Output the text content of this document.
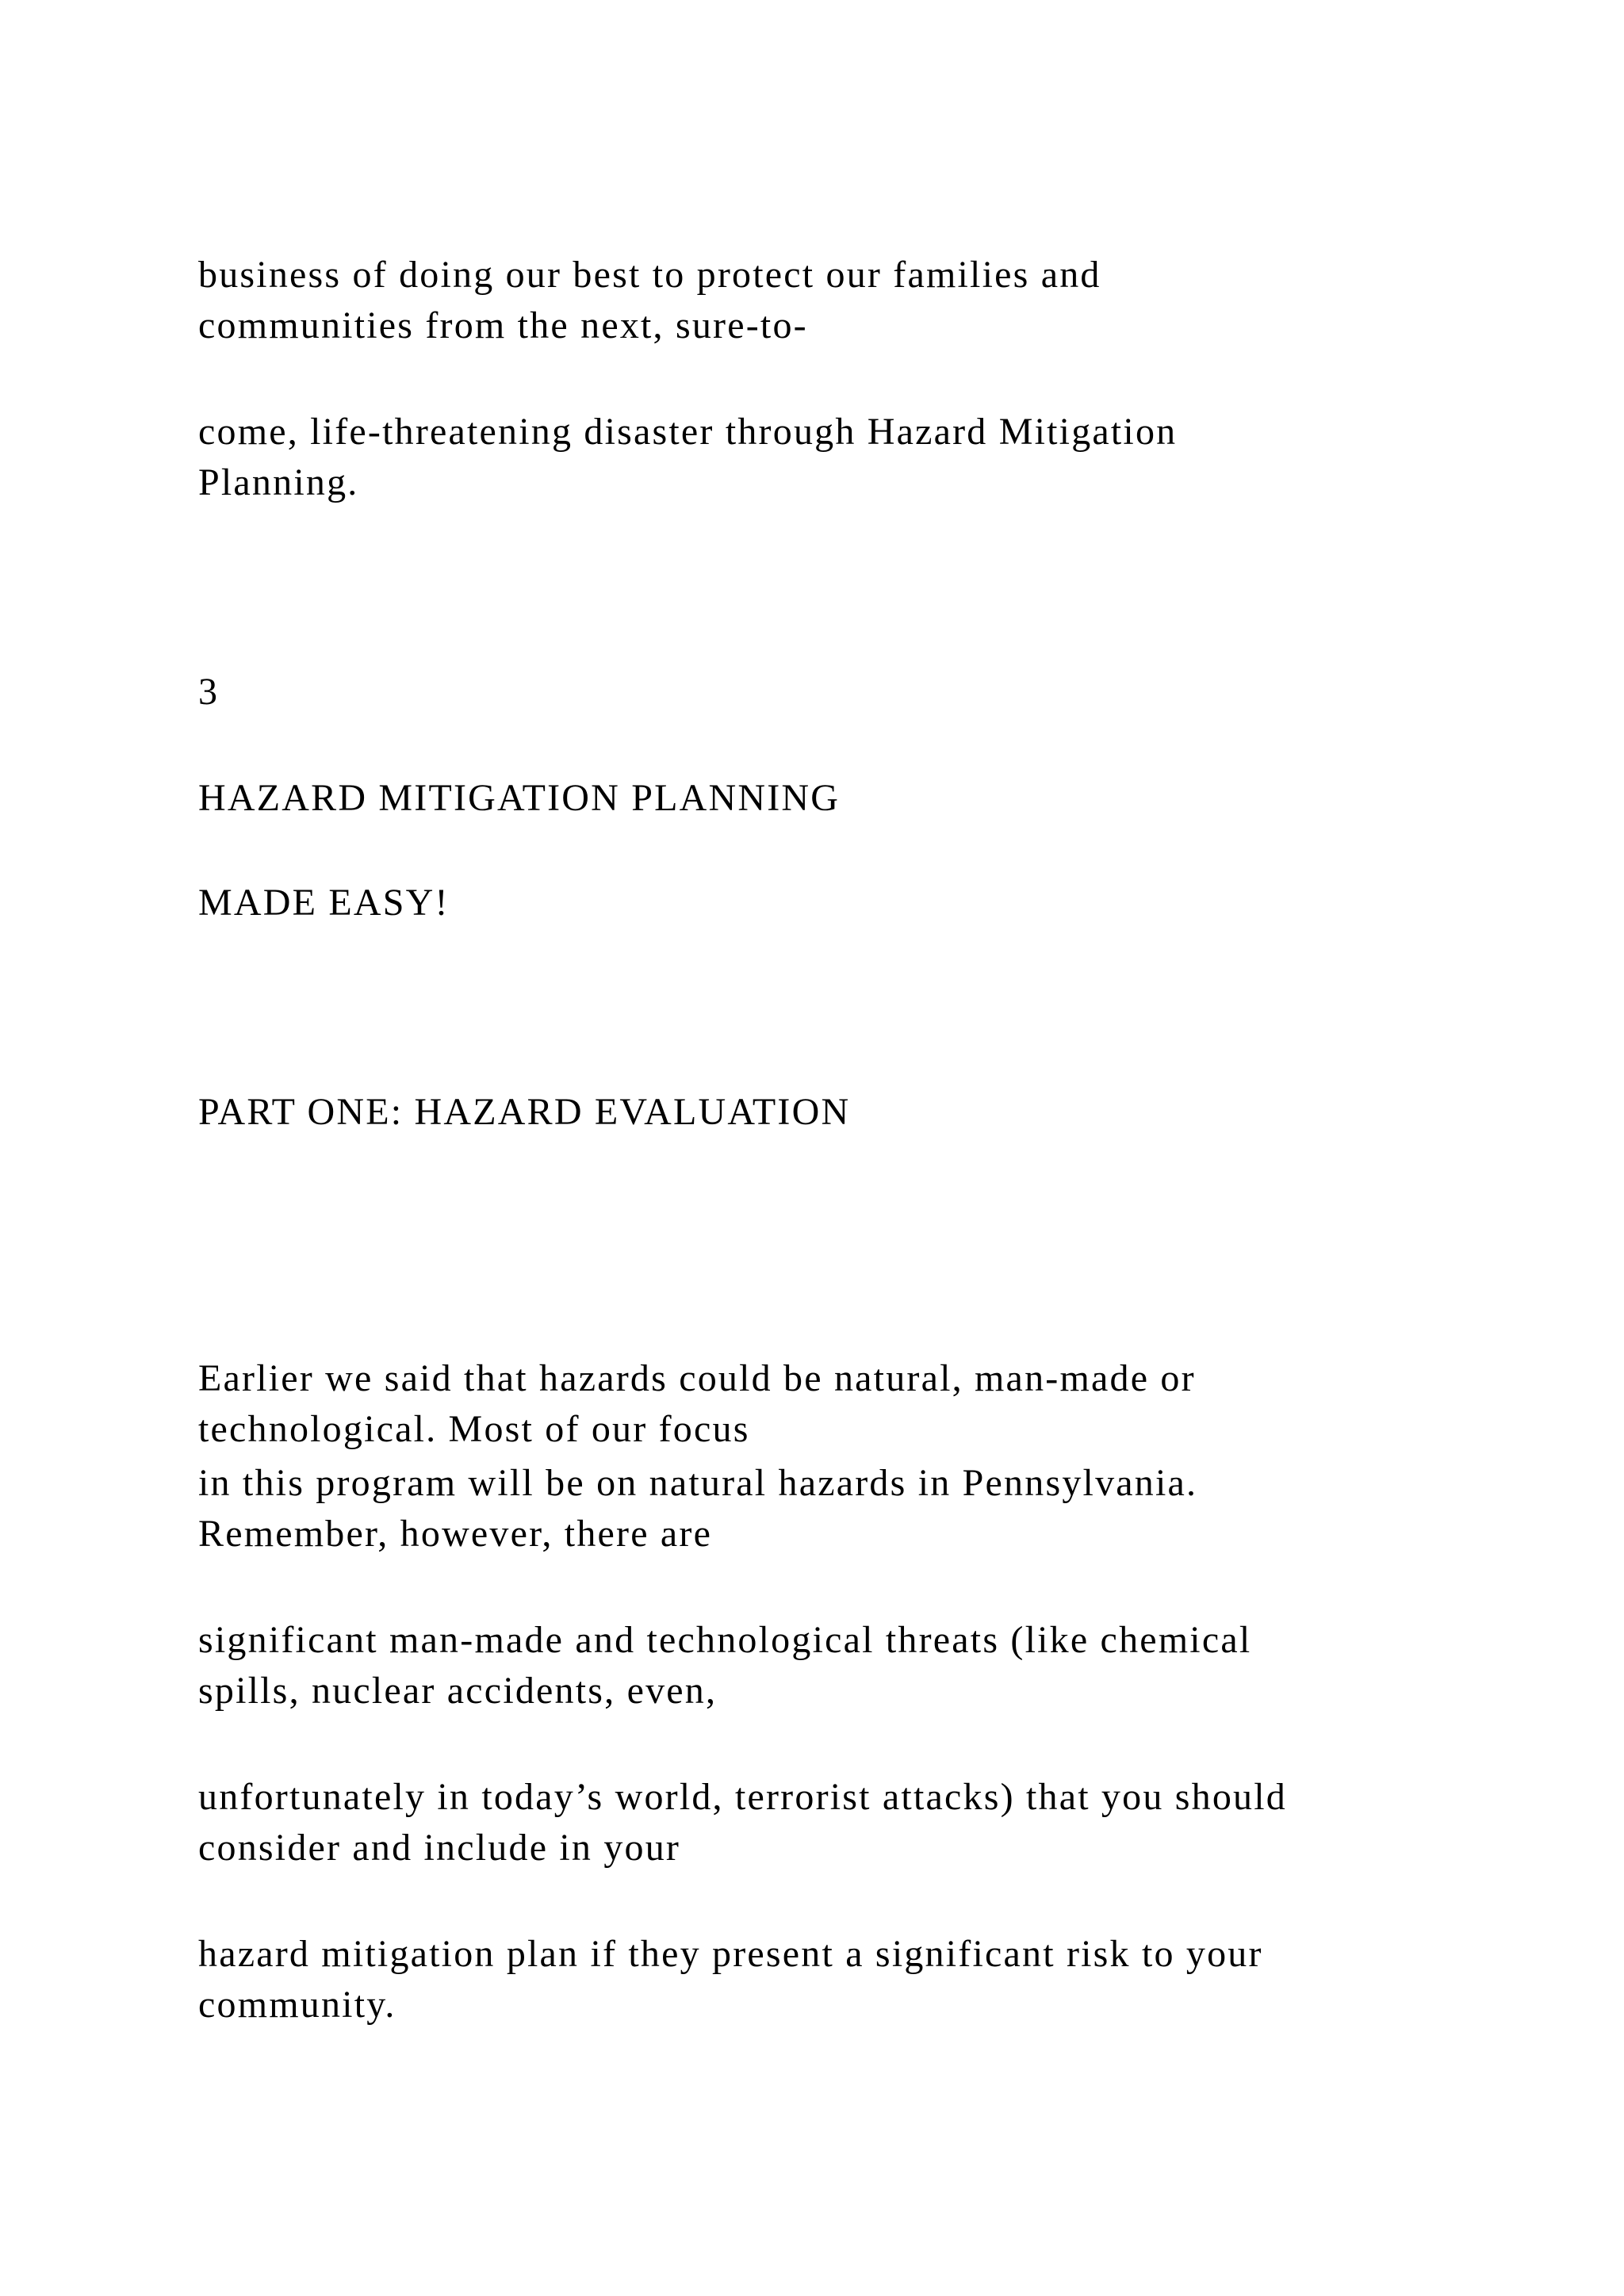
business of doing our best to protect our families and

communities from the next, sure-to-

come, life-threatening disaster through Hazard Mitigation

Planning.

3

HAZARD MITIGATION PLANNING

MADE EASY!

PART ONE: HAZARD EVALUATION

Earlier we said that hazards could be natural, man-made or

technological. Most of our focus

in this program will be on natural hazards in Pennsylvania.

Remember, however, there are

significant man-made and technological threats (like chemical

spills, nuclear accidents, even,

unfortunately in today’s world, terrorist attacks) that you should

consider and include in your

hazard mitigation plan if they present a significant risk to your

community.
